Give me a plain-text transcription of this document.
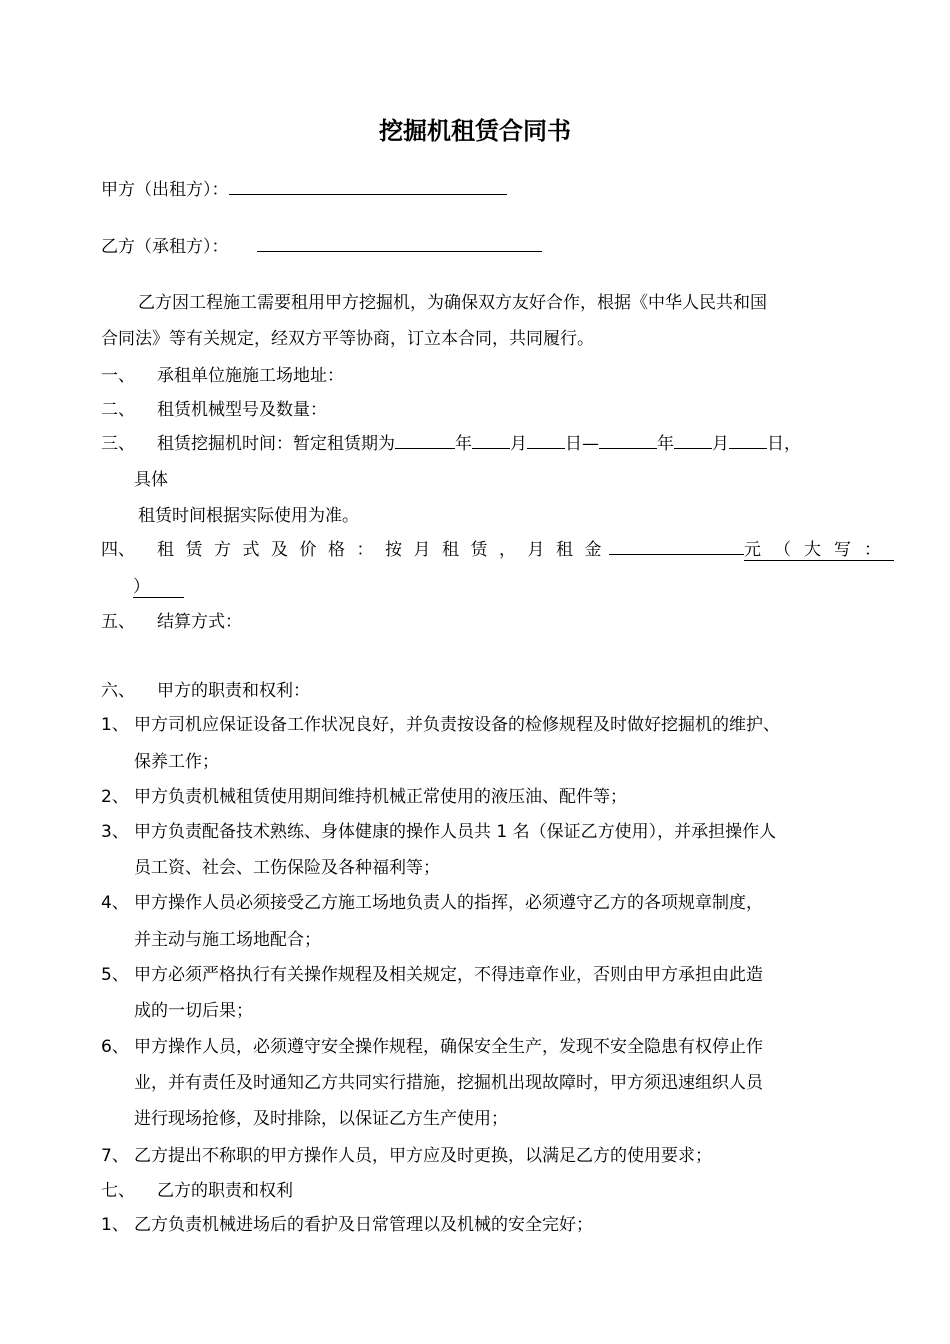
挖掘机租赁合同书
甲方（出租方）：
乙方（承租方）：
乙方因工程施工需要租用甲方挖掘机，为确保双方友好合作，根据《中华人民共和国
合同法》等有关规定，经双方平等协商，订立本合同，共同履行。
一、 承租单位施施工场地址：
二、 租赁机械型号及数量：
三、 租赁挖掘机时间：暂定租赁期为	年 月 日—	年 月 日，
具体
租赁时间根据实际使用为准。
四、 租赁方式及价格：按月租赁，月租金	元（大写：
）
五、 结算方式：
六、 甲方的职责和权利：
1、 甲方司机应保证设备工作状况良好，并负责按设备的检修规程及时做好挖掘机的维护、
保养工作；
2、 甲方负责机械租赁使用期间维持机械正常使用的液压油、配件等；
3、 甲方负责配备技术熟练、身体健康的操作人员共 1 名（保证乙方使用），并承担操作人
员工资、社会、工伤保险及各种福利等；
4、 甲方操作人员必须接受乙方施工场地负责人的指挥，必须遵守乙方的各项规章制度，
并主动与施工场地配合；
5、 甲方必须严格执行有关操作规程及相关规定，不得违章作业，否则由甲方承担由此造
成的一切后果；
6、 甲方操作人员，必须遵守安全操作规程，确保安全生产，发现不安全隐患有权停止作
业，并有责任及时通知乙方共同实行措施，挖掘机出现故障时，甲方须迅速组织人员
进行现场抢修，及时排除，以保证乙方生产使用；
7、 乙方提出不称职的甲方操作人员，甲方应及时更换，以满足乙方的使用要求；
七、 乙方的职责和权利
1、 乙方负责机械进场后的看护及日常管理以及机械的安全完好；
